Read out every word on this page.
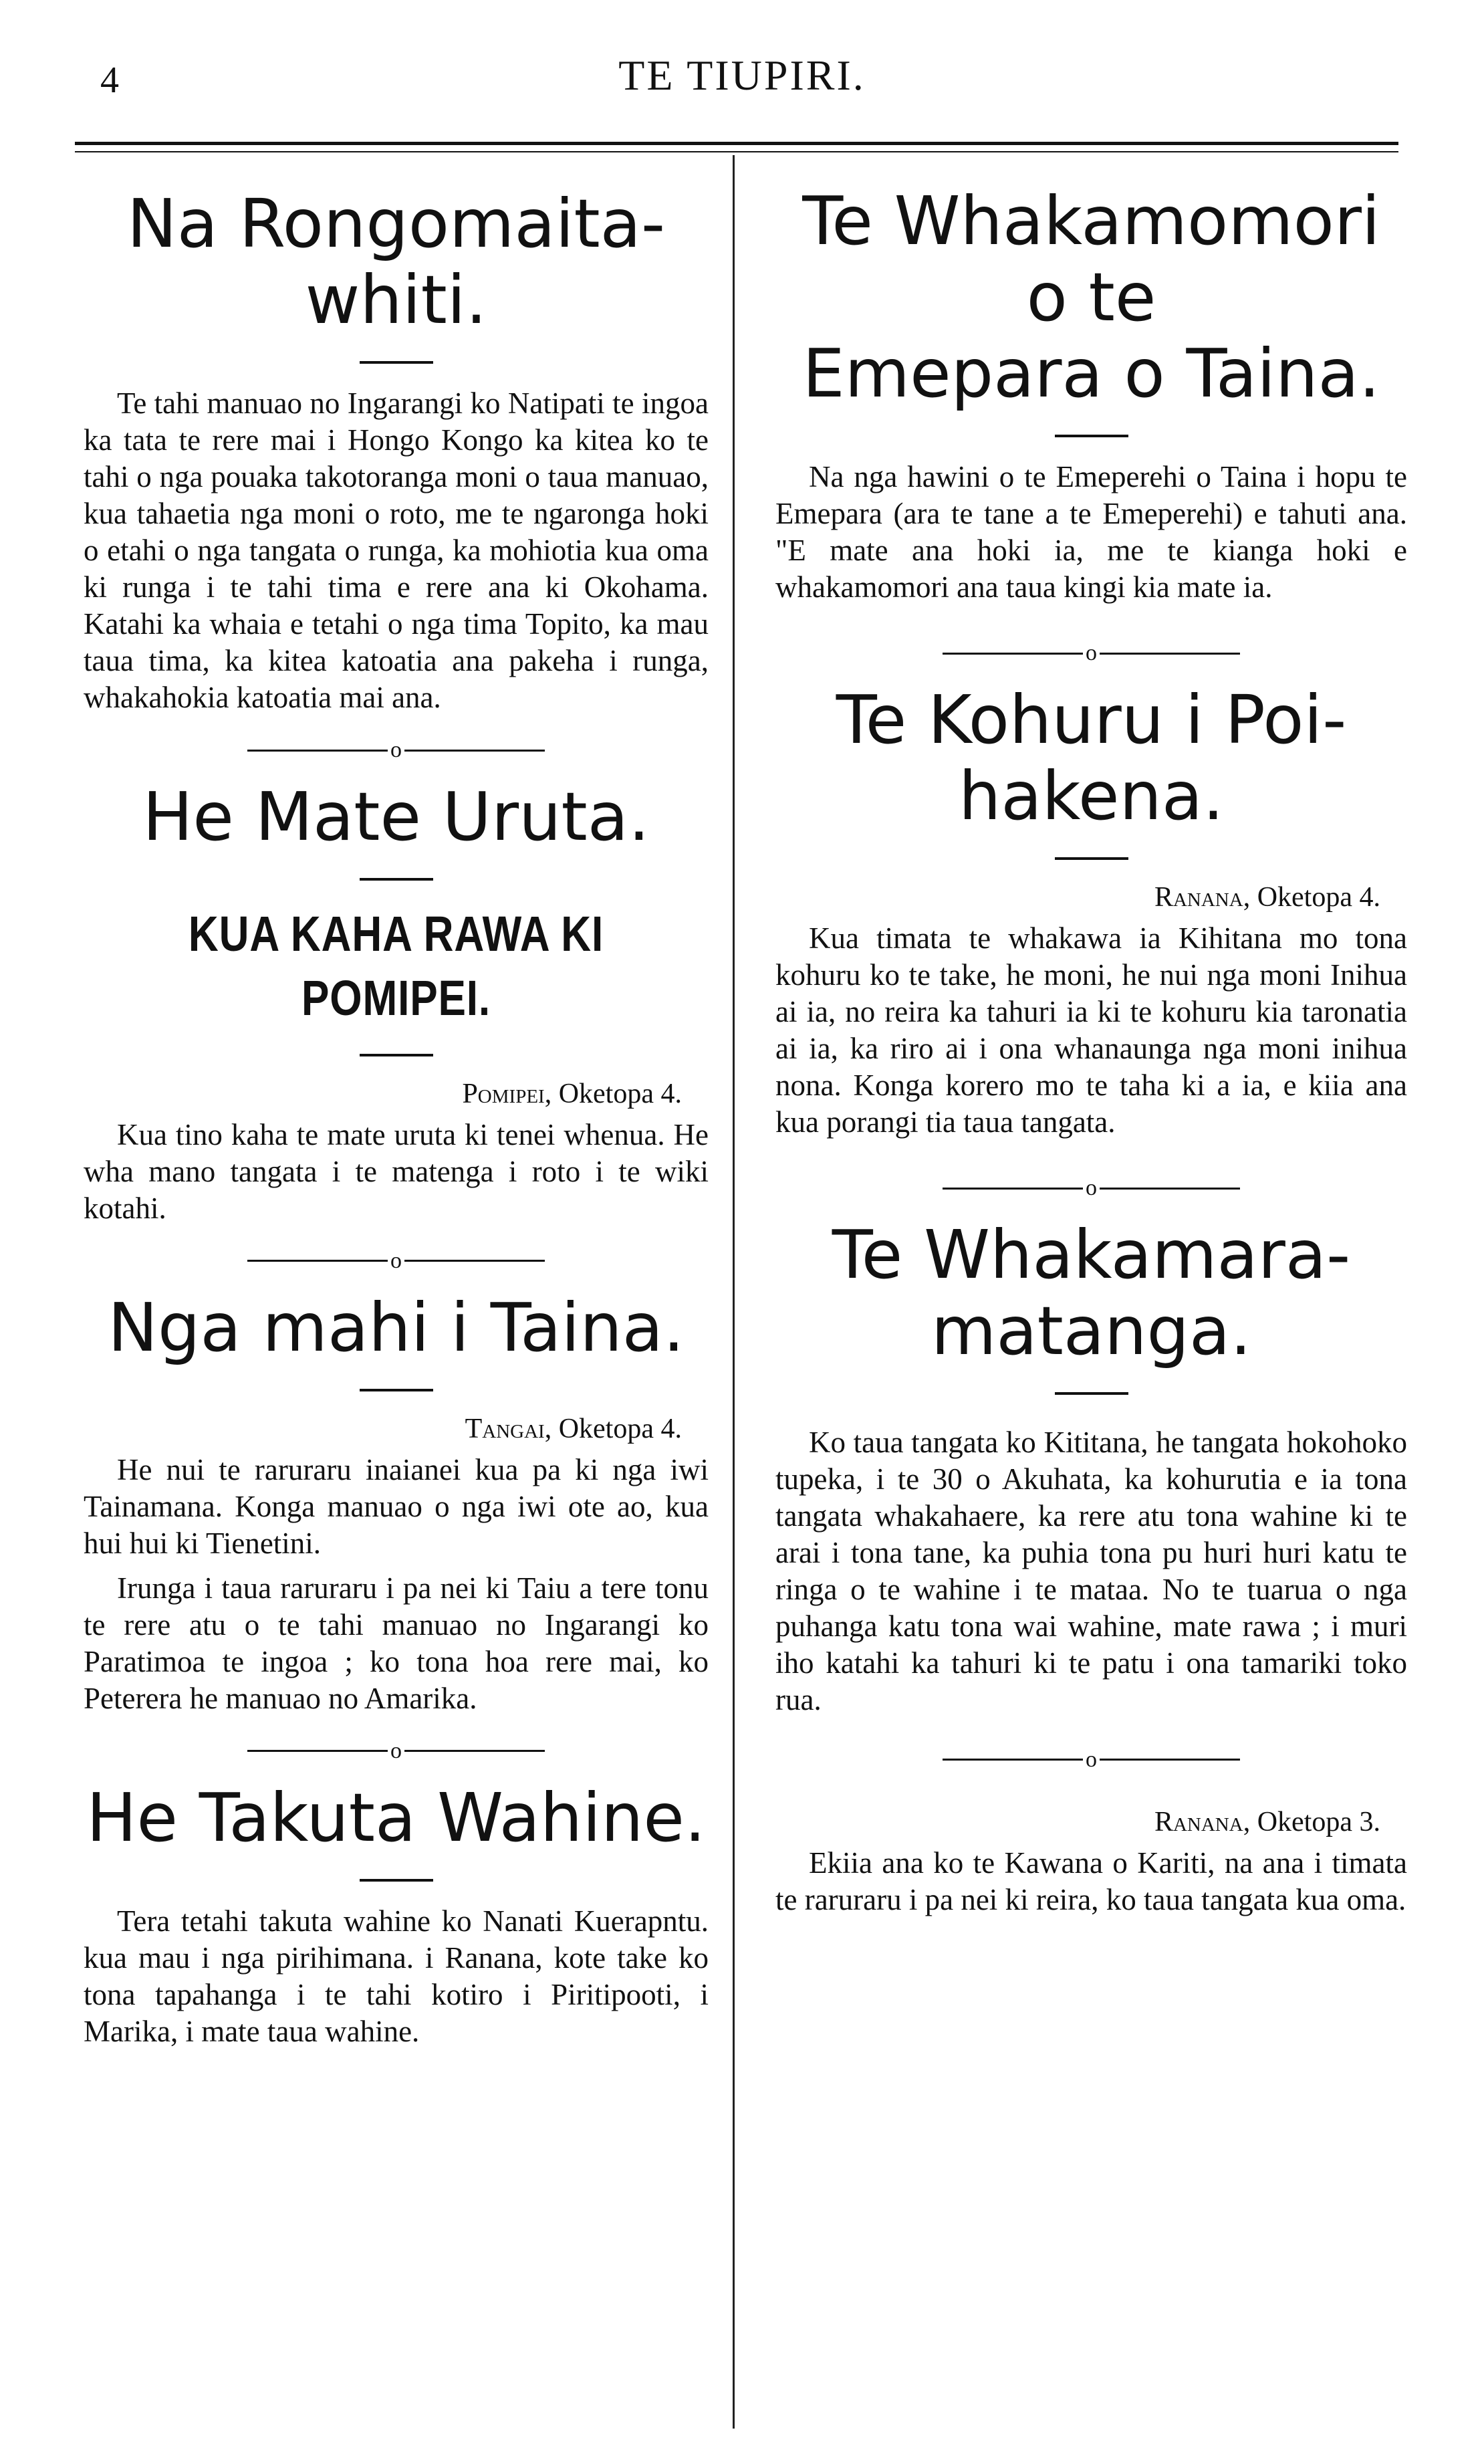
4	TE TIUPIRI.
Na Rongomaita-
whiti.

Te tahi manuao no Ingarangi ko Natipati te ingoa ka tata te rere mai i Hongo Kongo ka kitea ko te tahi o nga pouaka takotoranga moni o taua manuao, kua tahaetia nga moni o roto, me te ngaronga hoki o etahi o nga tangata o runga, ka mohiotia kua oma ki runga i te tahi tima e rere ana ki Okohama. Katahi ka whaia e tetahi o nga tima Topito, ka mau taua tima, ka kitea katoatia ana pakeha i runga, whakahokia katoatia mai ana.

o
He Mate Uruta.
KUA KAHA RAWA KI
POMIPEI.

Pomipei, Oketopa 4.

Kua tino kaha te mate uruta ki tenei whenua. He wha mano tangata i te matenga i roto i te wiki kotahi.

o
Nga mahi i Taina.

Tangai, Oketopa 4.

He nui te raruraru inaianei kua pa ki nga iwi Tainamana. Konga manuao o nga iwi ote ao, kua hui hui ki Tienetini.

Irunga i taua raruraru i pa nei ki Taiu a tere tonu te rere atu o te tahi manuao no Ingarangi ko Paratimoa te ingoa ; ko tona hoa rere mai, ko Peterera he manuao no Amarika.

o
He Takuta Wahine.

Tera tetahi takuta wahine ko Nanati Kuerapntu. kua mau i nga pirihimana. i Ranana, kote take ko tona tapahanga i te tahi kotiro i Piritipooti, i Marika, i mate taua wahine.

Te Whakamomori
o te
Emepara o Taina.

Na nga hawini o te Emeperehi o Taina i hopu te Emepara (ara te tane a te Emeperehi) e tahuti ana. "E mate ana hoki ia, me te kianga hoki e whakamomori ana taua kingi kia mate ia.

o
Te Kohuru i Poi-
hakena.

Ranana, Oketopa 4.

Kua timata te whakawa ia Kihitana mo tona kohuru ko te take, he moni, he nui nga moni Inihua ai ia, no reira ka tahuri ia ki te kohuru kia taronatia ai ia, ka riro ai i ona whanaunga nga moni inihua nona. Konga korero mo te taha ki a ia, e kiia ana kua porangi tia taua tangata.

o
Te Whakamara-
matanga.

Ko taua tangata ko Kititana, he tangata hokohoko tupeka, i te 30 o Akuhata, ka kohurutia e ia tona tangata whakahaere, ka rere atu tona wahine ki te arai i tona tane, ka puhia tona pu huri huri katu te ringa o te wahine i te mataa. No te tuarua o nga puhanga katu tona wai wahine, mate rawa ; i muri iho katahi ka tahuri ki te patu i ona tamariki toko rua.

o

Ranana, Oketopa 3.

Ekiia ana ko te Kawana o Kariti, na ana i timata te raruraru i pa nei ki reira, ko taua tangata kua oma.
